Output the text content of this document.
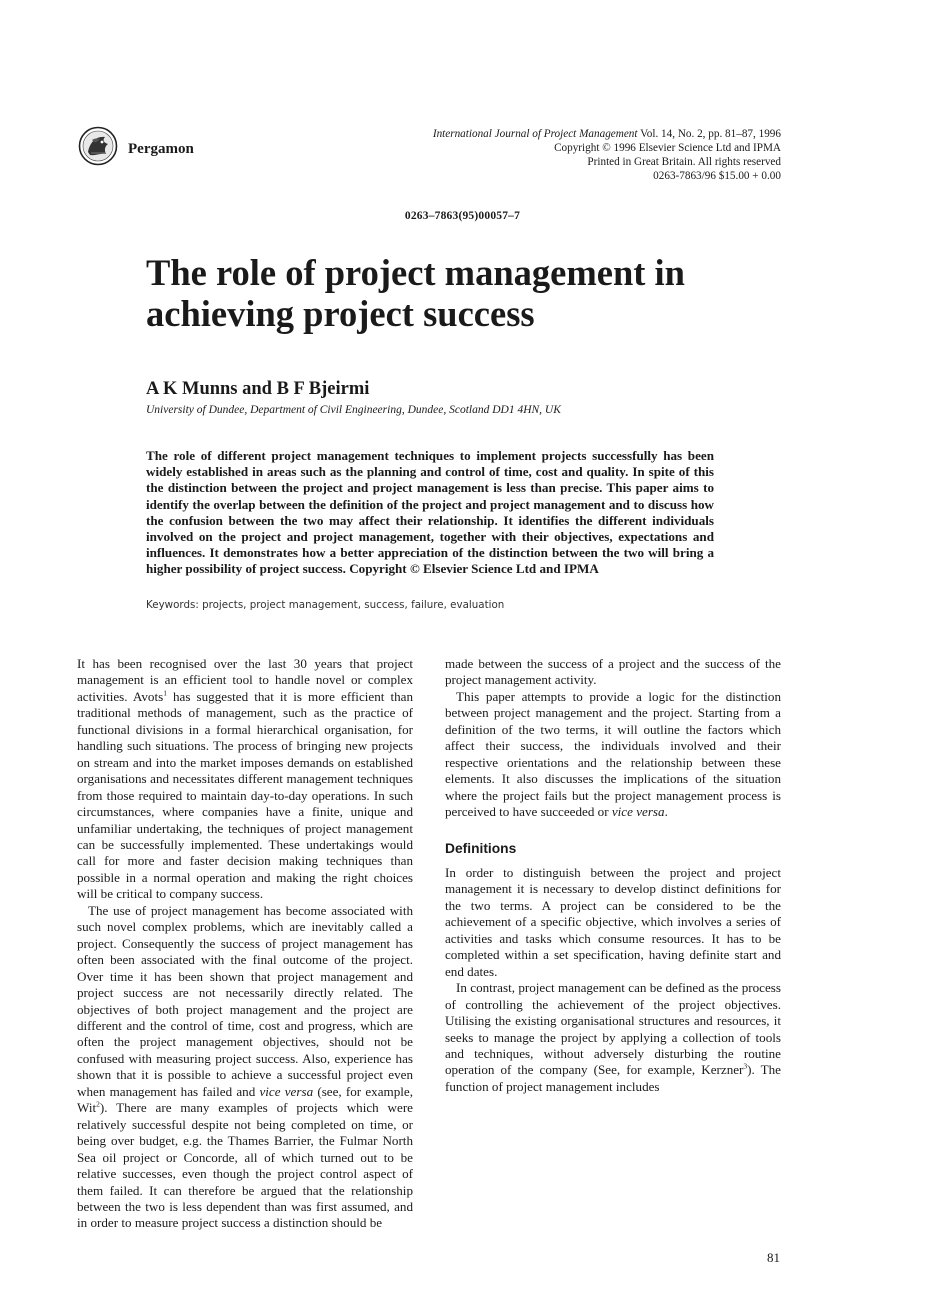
Pergamon
International Journal of Project Management Vol. 14, No. 2, pp. 81–87, 1996
Copyright © 1996 Elsevier Science Ltd and IPMA
Printed in Great Britain. All rights reserved
0263-7863/96 $15.00 + 0.00
0263–7863(95)00057–7
The role of project management in achieving project success
A K Munns and B F Bjeirmi
University of Dundee, Department of Civil Engineering, Dundee, Scotland DD1 4HN, UK

The role of different project management techniques to implement projects successfully has been widely established in areas such as the planning and control of time, cost and quality. In spite of this the distinction between the project and project management is less than precise. This paper aims to identify the overlap between the definition of the project and project management and to discuss how the confusion between the two may affect their relationship. It identifies the different individuals involved on the project and project management, together with their objectives, expectations and influences. It demonstrates how a better appreciation of the distinction between the two will bring a higher possibility of project success. Copyright © Elsevier Science Ltd and IPMA

Keywords: projects, project management, success, failure, evaluation

It has been recognised over the last 30 years that project management is an efficient tool to handle novel or complex activities. Avots$^1$ has suggested that it is more efficient than traditional methods of management, such as the practice of functional divisions in a formal hierarchical organisation, for handling such situations. The process of bringing new projects on stream and into the market imposes demands on established organisations and necessitates different management techniques from those required to maintain day-to-day operations. In such circumstances, where companies have a finite, unique and unfamiliar undertaking, the techniques of project management can be successfully implemented. These undertakings would call for more and faster decision making techniques than possible in a normal operation and making the right choices will be critical to company success.

The use of project management has become associated with such novel complex problems, which are inevitably called a project. Consequently the success of project management has often been associated with the final outcome of the project. Over time it has been shown that project management and project success are not necessarily directly related. The objectives of both project management and the project are different and the control of time, cost and progress, which are often the project management objectives, should not be confused with measuring project success. Also, experience has shown that it is possible to achieve a successful project even when management has failed and vice versa (see, for example, Wit$^2$). There are many examples of projects which were relatively successful despite not being completed on time, or being over budget, e.g. the Thames Barrier, the Fulmar North Sea oil project or Concorde, all of which turned out to be relative successes, even though the project control aspect of them failed. It can therefore be argued that the relationship between the two is less dependent than was first assumed, and in order to measure project success a distinction should be

made between the success of a project and the success of the project management activity.

This paper attempts to provide a logic for the distinction between project management and the project. Starting from a definition of the two terms, it will outline the factors which affect their success, the individuals involved and their respective orientations and the relationship between these elements. It also discusses the implications of the situation where the project fails but the project management process is perceived to have succeeded or vice versa.

Definitions

In order to distinguish between the project and project management it is necessary to develop distinct definitions for the two terms. A project can be considered to be the achievement of a specific objective, which involves a series of activities and tasks which consume resources. It has to be completed within a set specification, having definite start and end dates.

In contrast, project management can be defined as the process of controlling the achievement of the project objectives. Utilising the existing organisational structures and resources, it seeks to manage the project by applying a collection of tools and techniques, without adversely disturbing the routine operation of the company (See, for example, Kerzner$^3$). The function of project management includes

81
